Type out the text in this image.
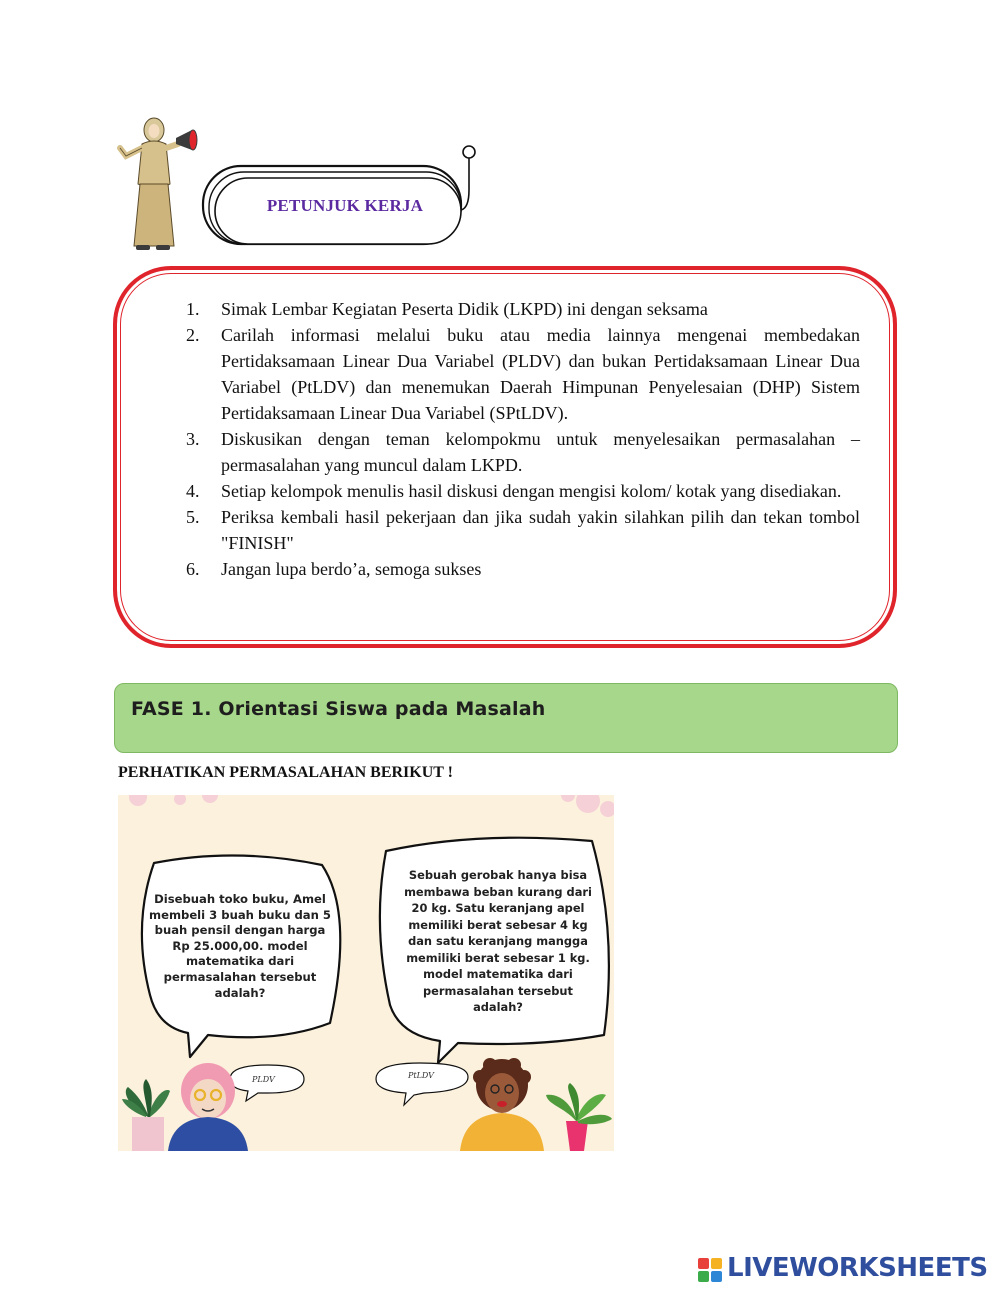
PETUNJUK KERJA
1. Simak Lembar Kegiatan Peserta Didik (LKPD) ini dengan seksama
2. Carilah informasi melalui buku atau media lainnya mengenai membedakan Pertidaksamaan Linear Dua Variabel (PLDV) dan bukan Pertidaksamaan Linear Dua Variabel (PtLDV) dan menemukan Daerah Himpunan Penyelesaian (DHP) Sistem Pertidaksamaan Linear Dua Variabel (SPtLDV).
3. Diskusikan dengan teman kelompokmu untuk menyelesaikan permasalahan – permasalahan yang muncul dalam LKPD.
4. Setiap kelompok menulis hasil diskusi dengan mengisi kolom/ kotak yang disediakan.
5. Periksa kembali hasil pekerjaan dan jika sudah yakin silahkan pilih dan tekan tombol "FINISH"
6. Jangan lupa berdo’a, semoga sukses
FASE 1. Orientasi Siswa pada Masalah
PERHATIKAN PERMASALAHAN BERIKUT !
Disebuah toko buku, Amel membeli 3 buah buku dan 5 buah pensil dengan harga Rp 25.000,00. model matematika dari permasalahan tersebut adalah?
Sebuah gerobak hanya bisa membawa beban kurang dari 20 kg. Satu keranjang apel memiliki berat sebesar 4 kg dan satu keranjang mangga memiliki berat sebesar 1 kg. model matematika dari permasalahan tersebut adalah?
PLDV	PtLDV
LIVEWORKSHEETS
